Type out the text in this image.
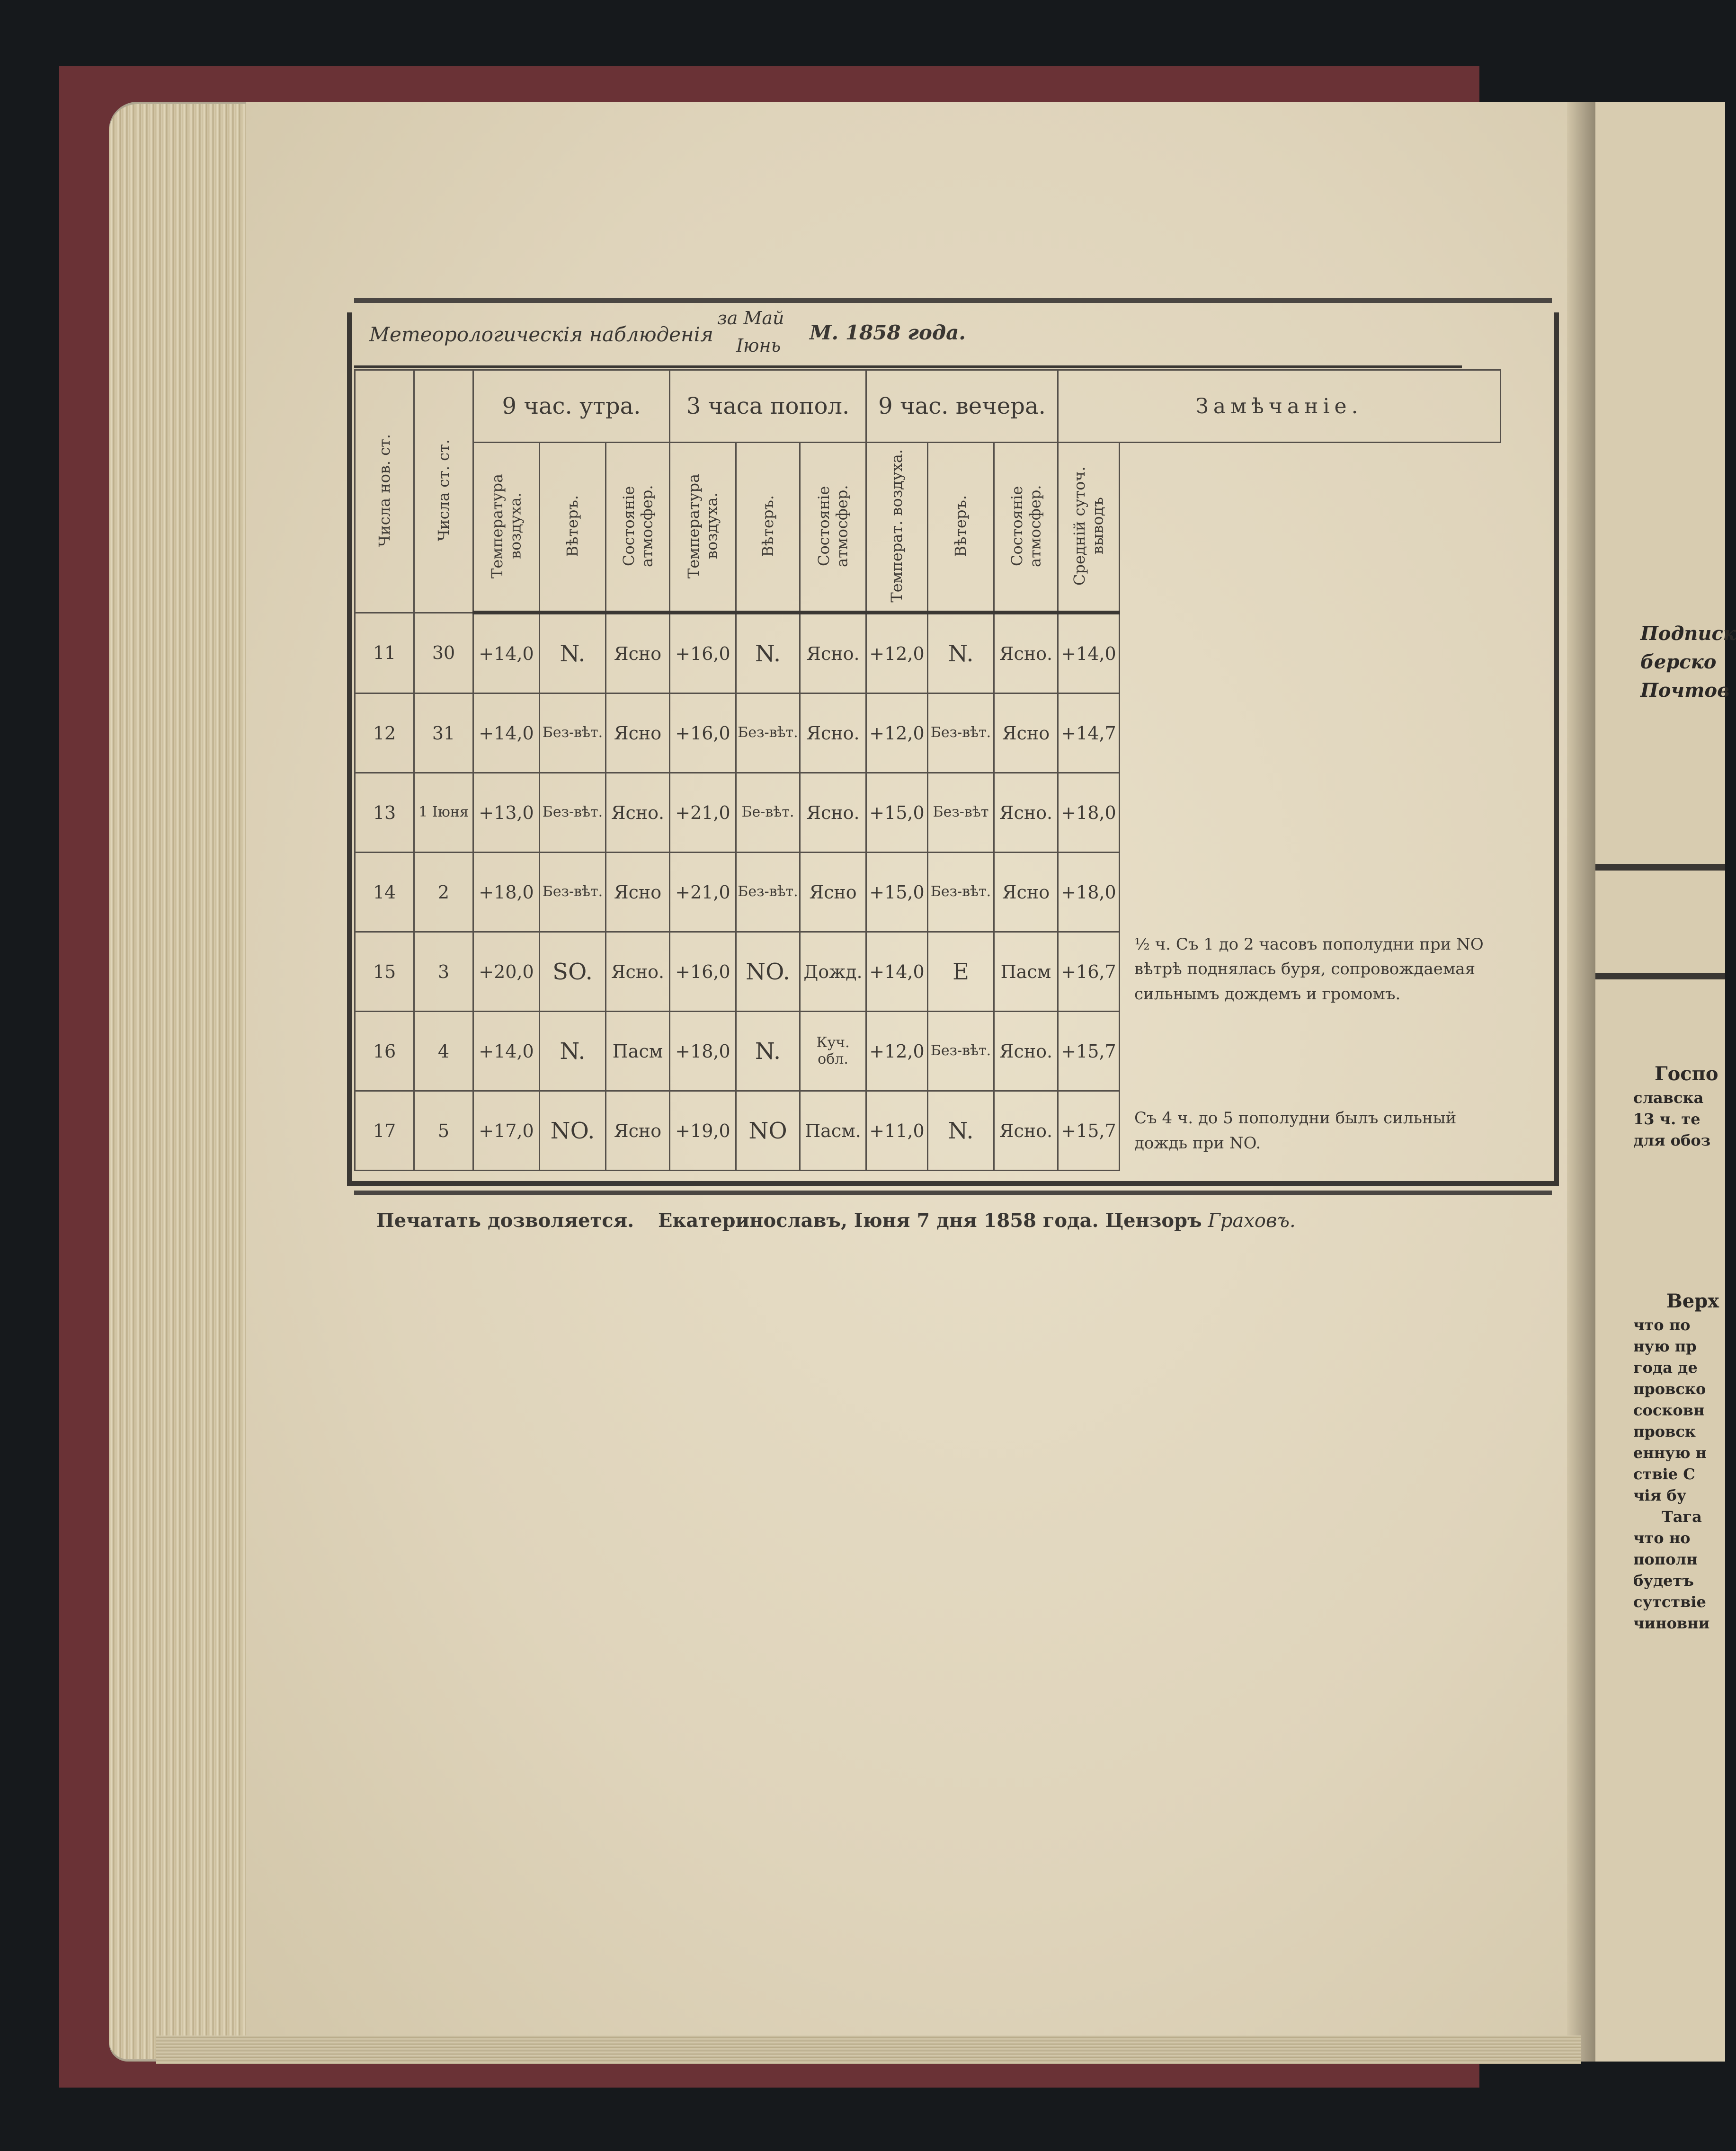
Подписк
берско
Почтов
Госпо
славска
13 ч. те
для обоз
Верх
что по
ную пр
года де
провско
сосковн
провск
енную н
ствіе С
чія бу
Тага
что но
пополн
будетъ
сутствіе
чиновни
Метеорологическія наблюденія
за Май
Іюнь
М. 1858 года.
Числа нов. ст.	Числа ст. ст.	9 час. утра.			3 часа попол.			9 час. вечера.			Замѣчаніе.	
		Температура воздуха.	Вѣтеръ.	Состояніе атмосфер.	Температура воздуха.	Вѣтеръ.	Состояніе атмосфер.	Температ. воздуха.	Вѣтеръ.	Состояніе атмосфер.	Средній суточ. выводъ	
11	30	+14,0	N.	Ясно	+16,0	N.	Ясно.	+12,0	N.	Ясно.	+14,0	
12	31	+14,0	Без-вѣт.	Ясно	+16,0	Без-вѣт.	Ясно.	+12,0	Без-вѣт.	Ясно	+14,7	
13	1 Іюня	+13,0	Без-вѣт.	Ясно.	+21,0	Бе-вѣт.	Ясно.	+15,0	Без-вѣт	Ясно.	+18,0	
14	2	+18,0	Без-вѣт.	Ясно	+21,0	Без-вѣт.	Ясно	+15,0	Без-вѣт.	Ясно	+18,0	
15	3	+20,0	SO.	Ясно.	+16,0	NO.	Дожд.	+14,0	E	Пасм	+16,7	½ ч. Съ 1 до 2 часовъ пополудни при NO вѣтрѣ поднялась буря, сопровождаемая сильнымъ дождемъ и громомъ.

16	4	+14,0	N.	Пасм	+18,0	N.	Куч. обл.	+12,0	Без-вѣт.	Ясно.	+15,7	
17	5	+17,0	NO.	Ясно	+19,0	NO	Пасм.	+11,0	N.	Ясно.	+15,7	Съ 4 ч. до 5 пополудни былъ сильный дождь при NO.
Печатать дозволяется. Екатеринославъ, Іюня 7 дня 1858 года. Цензоръ Граховъ.
